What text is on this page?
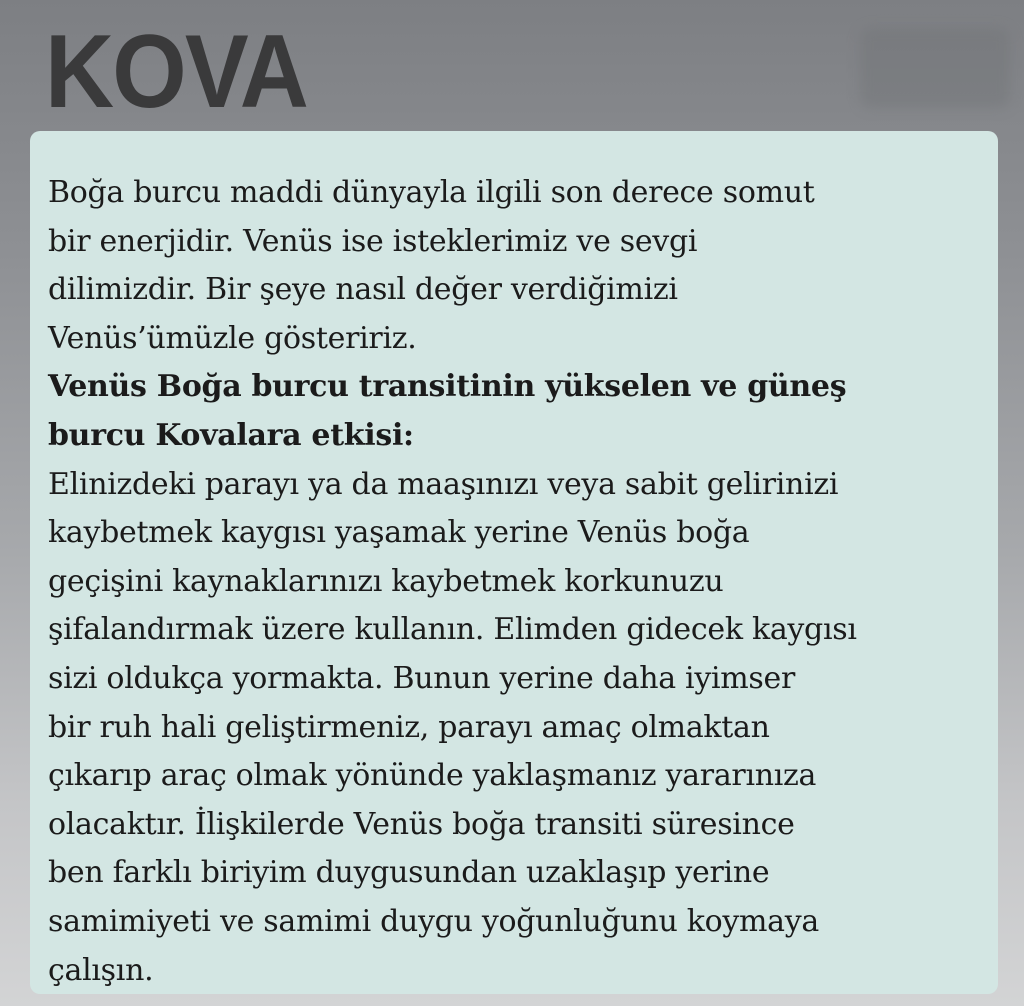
KOVA
Boğa burcu maddi dünyayla ilgili son derece somut
bir enerjidir. Venüs ise isteklerimiz ve sevgi
dilimizdir. Bir şeye nasıl değer verdiğimizi
Venüs’ümüzle gösteririz.
Venüs Boğa burcu transitinin yükselen ve güneş
burcu Kovalara etkisi:
Elinizdeki parayı ya da maaşınızı veya sabit gelirinizi
kaybetmek kaygısı yaşamak yerine Venüs boğa
geçişini kaynaklarınızı kaybetmek korkunuzu
şifalandırmak üzere kullanın. Elimden gidecek kaygısı
sizi oldukça yormakta. Bunun yerine daha iyimser
bir ruh hali geliştirmeniz, parayı amaç olmaktan
çıkarıp araç olmak yönünde yaklaşmanız yararınıza
olacaktır. İlişkilerde Venüs boğa transiti süresince
ben farklı biriyim duygusundan uzaklaşıp yerine
samimiyeti ve samimi duygu yoğunluğunu koymaya
çalışın.
